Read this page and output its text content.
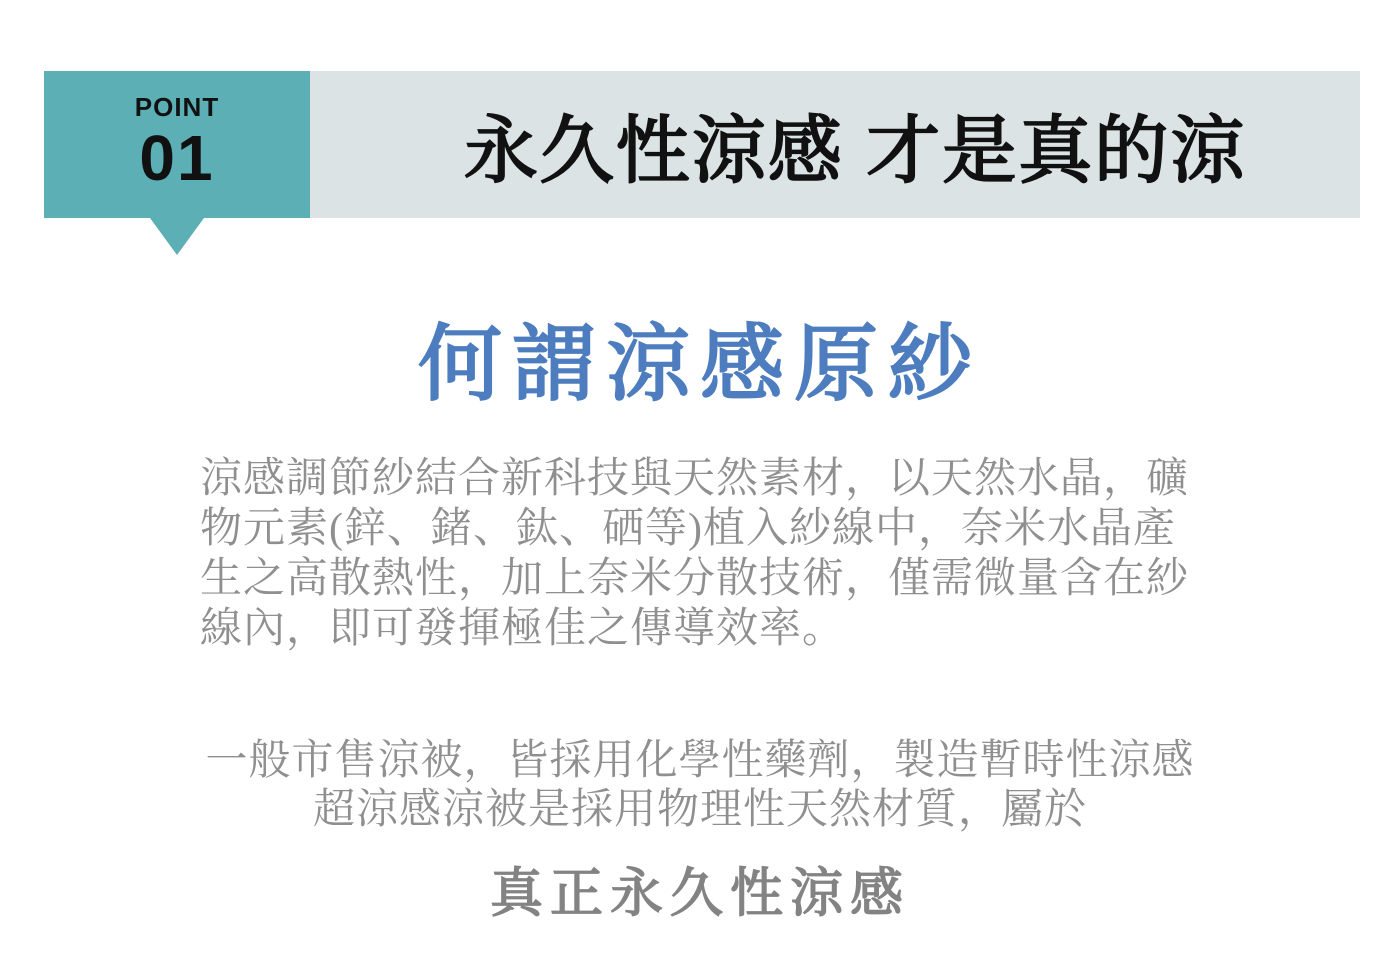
POINT
01	永久性涼感 才是真的涼
何謂涼感原紗
涼感調節紗結合新科技與天然素材，以天然水晶，礦
物元素(鋅、鍺、鈦、硒等)植入紗線中，奈米水晶產
生之高散熱性，加上奈米分散技術，僅需微量含在紗
線內，即可發揮極佳之傳導效率。
一般市售涼被，皆採用化學性藥劑，製造暫時性涼感
超涼感涼被是採用物理性天然材質，屬於
真正永久性涼感
